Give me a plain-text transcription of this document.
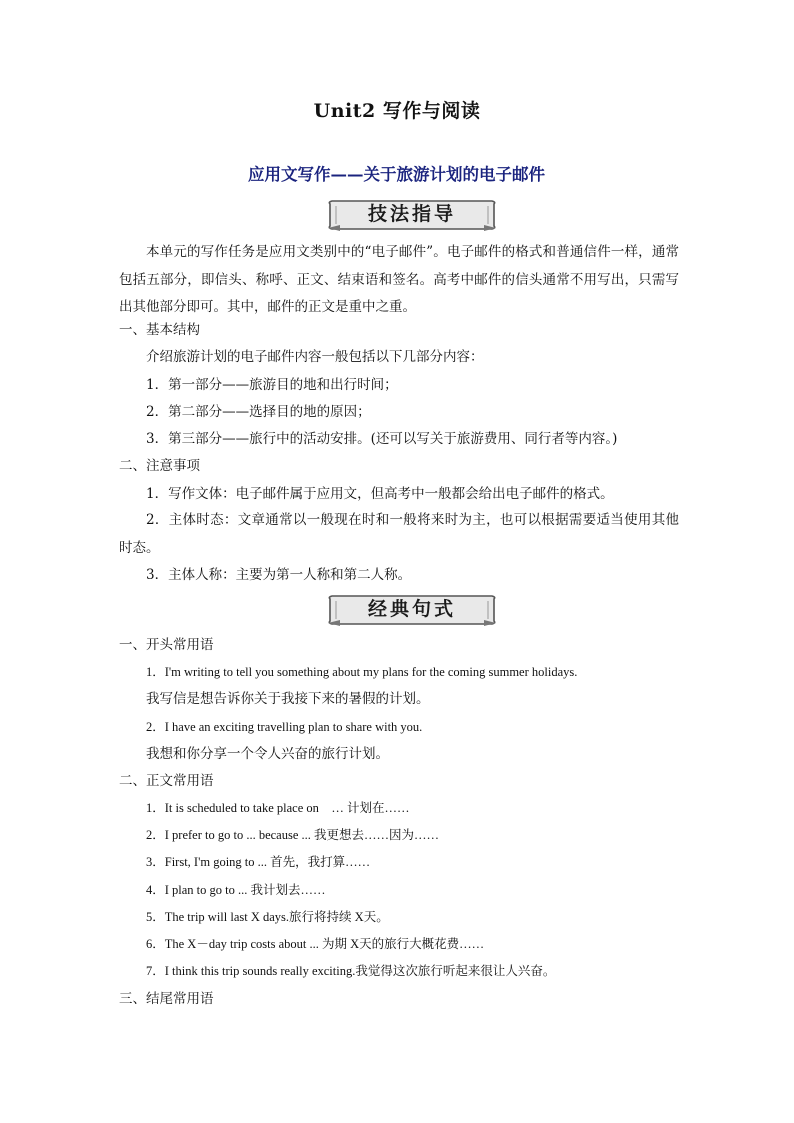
Unit2 写作与阅读
应用文写作——关于旅游计划的电子邮件
技法指导
本单元的写作任务是应用文类别中的“电子邮件”。电子邮件的格式和普通信件一样，通常包括五部分，即信头、称呼、正文、结束语和签名。高考中邮件的信头通常不用写出，只需写出其他部分即可。其中，邮件的正文是重中之重。
一、基本结构
介绍旅游计划的电子邮件内容一般包括以下几部分内容：
1．第一部分——旅游目的地和出行时间；
2．第二部分——选择目的地的原因；
3．第三部分——旅行中的活动安排。(还可以写关于旅游费用、同行者等内容。)
二、注意事项
1．写作文体：电子邮件属于应用文，但高考中一般都会给出电子邮件的格式。
2．主体时态：文章通常以一般现在时和一般将来时为主，也可以根据需要适当使用其他时态。
3．主体人称：主要为第一人称和第二人称。
经典句式
一、开头常用语
1．I'm writing to tell you something about my plans for the coming summer holidays.
我写信是想告诉你关于我接下来的暑假的计划。
2．I have an exciting travelling plan to share with you.
我想和你分享一个令人兴奋的旅行计划。
二、正文常用语
1．It is scheduled to take place on　… 计划在……
2．I prefer to go to ... because ... 我更想去……因为……
3．First, I'm going to ... 首先，我打算……
4．I plan to go to ... 我计划去……
5．The trip will last X days.旅行将持续 X天。
6．The X－day trip costs about ... 为期 X天的旅行大概花费……
7．I think this trip sounds really exciting.我觉得这次旅行听起来很让人兴奋。
三、结尾常用语
